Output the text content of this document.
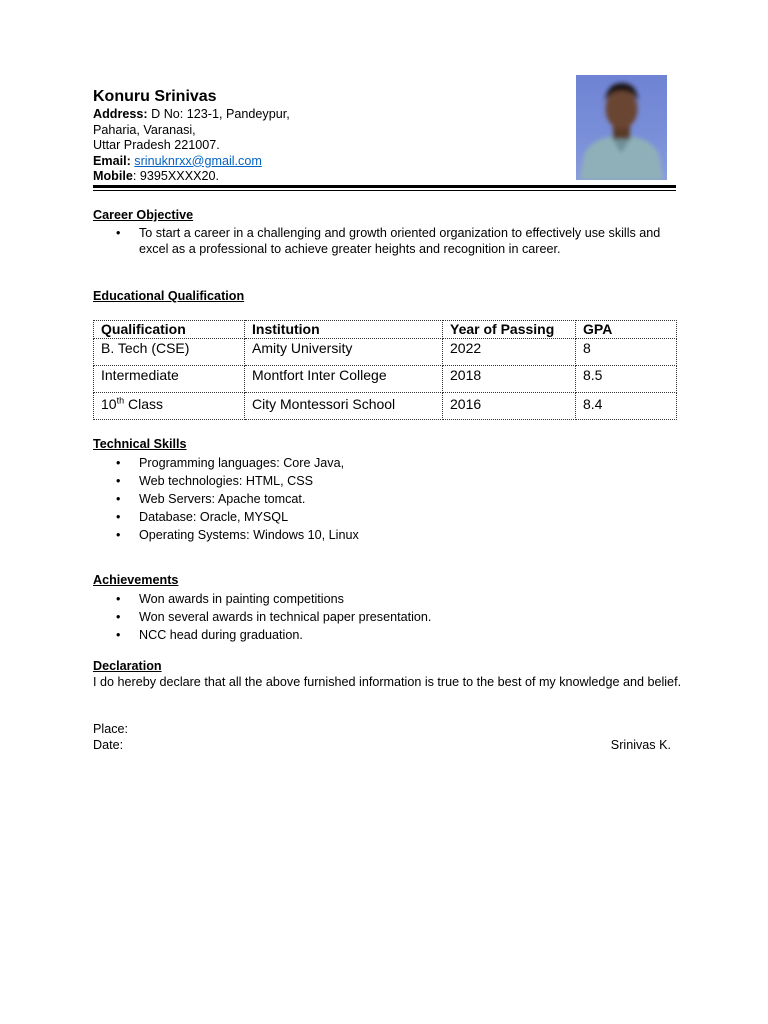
Konuru Srinivas
Address: D No: 123-1, Pandeypur,
Paharia, Varanasi,
Uttar Pradesh 221007.
Email: srinuknrxx@gmail.com
Mobile: 9395XXXX20.
Career Objective
• To start a career in a challenging and growth oriented organization to effectively use skills and excel as a professional to achieve greater heights and recognition in career.
Educational Qualification
Qualification	Institution	Year of Passing	GPA
B. Tech (CSE)	Amity University	2022	8
Intermediate	Montfort Inter College	2018	8.5
10th Class	City Montessori School	2016	8.4
Technical Skills
• Programming languages: Core Java,
• Web technologies: HTML, CSS
• Web Servers: Apache tomcat.
• Database: Oracle, MYSQL
• Operating Systems: Windows 10, Linux
Achievements
• Won awards in painting competitions
• Won several awards in technical paper presentation.
• NCC head during graduation.
Declaration
I do hereby declare that all the above furnished information is true to the best of my knowledge and belief.
Place:
Date:	Srinivas K.
